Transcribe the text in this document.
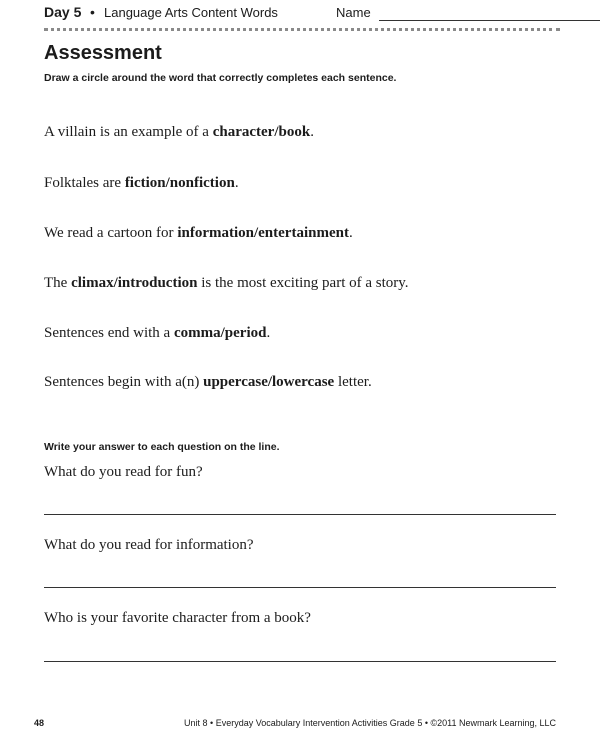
Day 5 • Language Arts Content Words	Name
Assessment
Draw a circle around the word that correctly completes each sentence.
A villain is an example of a character/book.
Folktales are fiction/nonfiction.
We read a cartoon for information/entertainment.
The climax/introduction is the most exciting part of a story.
Sentences end with a comma/period.
Sentences begin with a(n) uppercase/lowercase letter.
Write your answer to each question on the line.
What do you read for fun?
What do you read for information?
Who is your favorite character from a book?
48	Unit 8 • Everyday Vocabulary Intervention Activities Grade 5 • ©2011 Newmark Learning, LLC
